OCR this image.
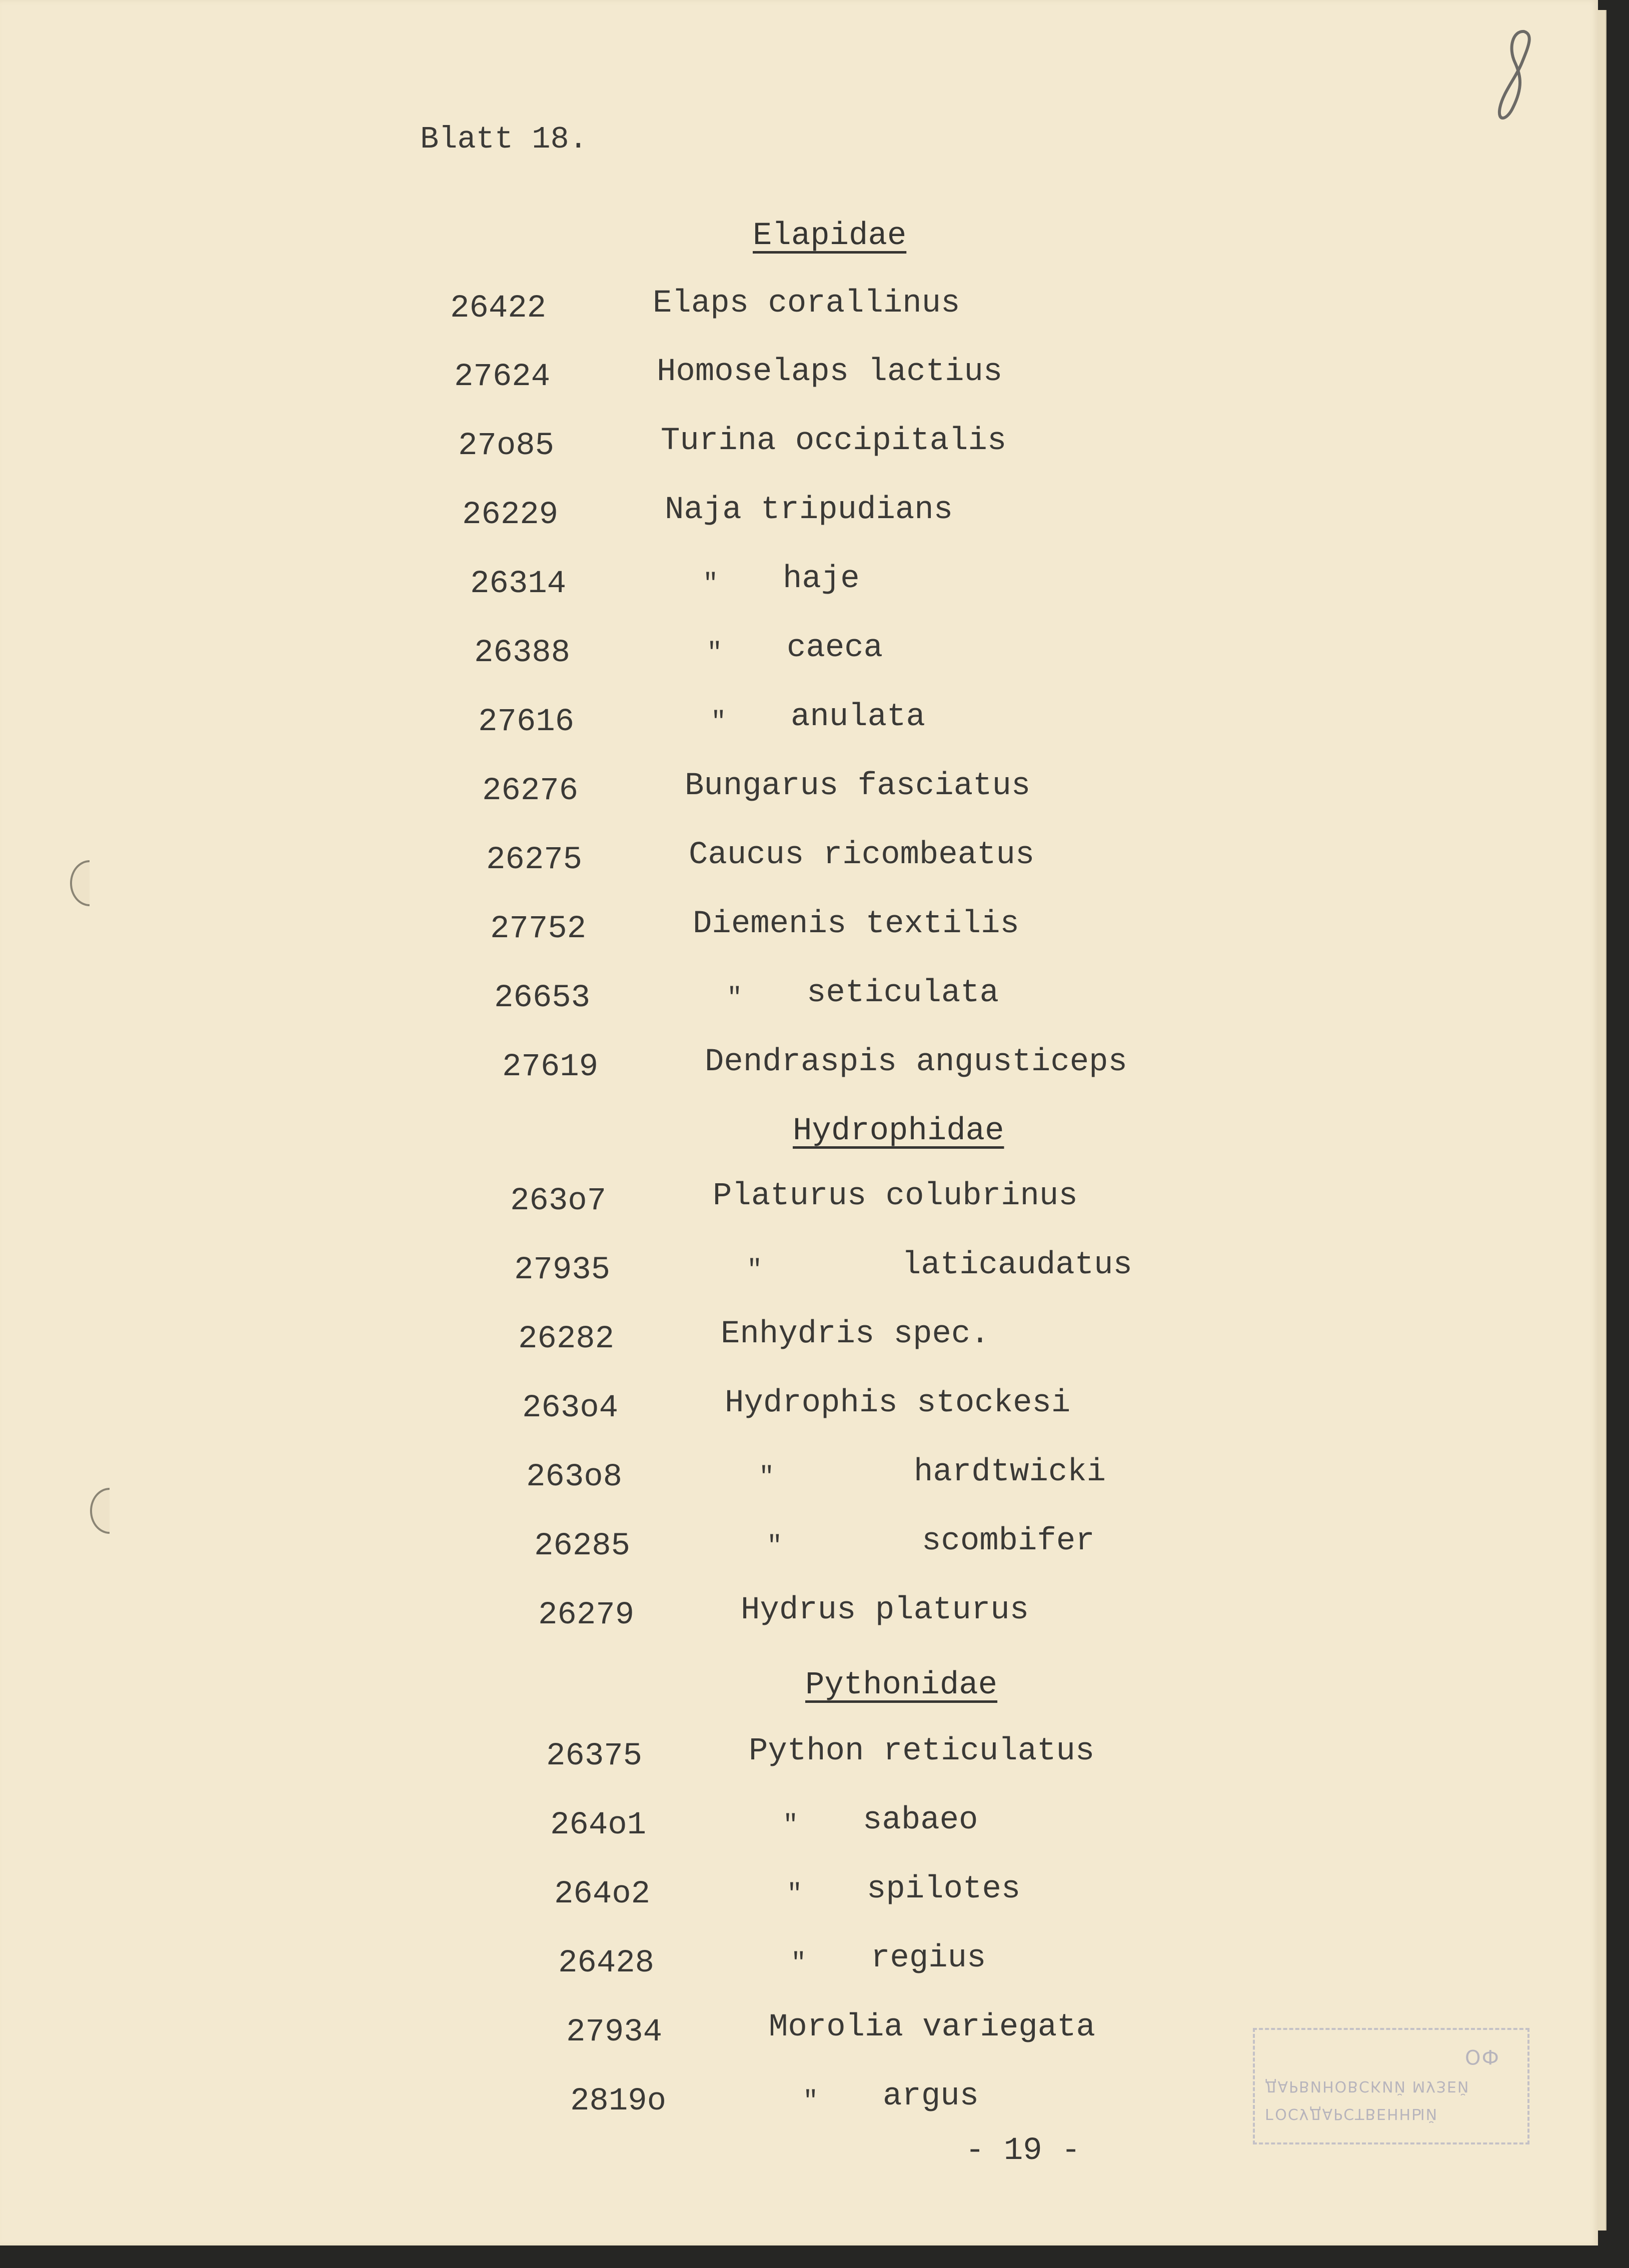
Blatt 18.
Elapidae
26422	Elaps corallinus
27624	Homoselaps lactius
27o85	Turina occipitalis
26229	Naja tripudians
26314	" haje
26388	" caeca
27616	" anulata
26276	Bungarus fasciatus
26275	Caucus ricombeatus
27752	Diemenis textilis
26653	" seticulata
27619	Dendraspis angusticeps
Hydrophidae
263o7	Platurus colubrinus
27935	"	laticaudatus
26282	Enhydris spec.
263o4	Hydrophis stockesi
263o8	"	hardtwicki
26285	"	scombifer
26279	Hydrus platurus
Pythonidae
26375	Python reticulatus
264o1	" sabaeo
264o2	" spilotes
26428	" regius
27934	Morolia variegata
2819o	" argus
- 19 -
ГОСУДАРСТВЕННЫЙ
ДАРВИНОВСКИЙ МУЗЕЙ
ОФ
